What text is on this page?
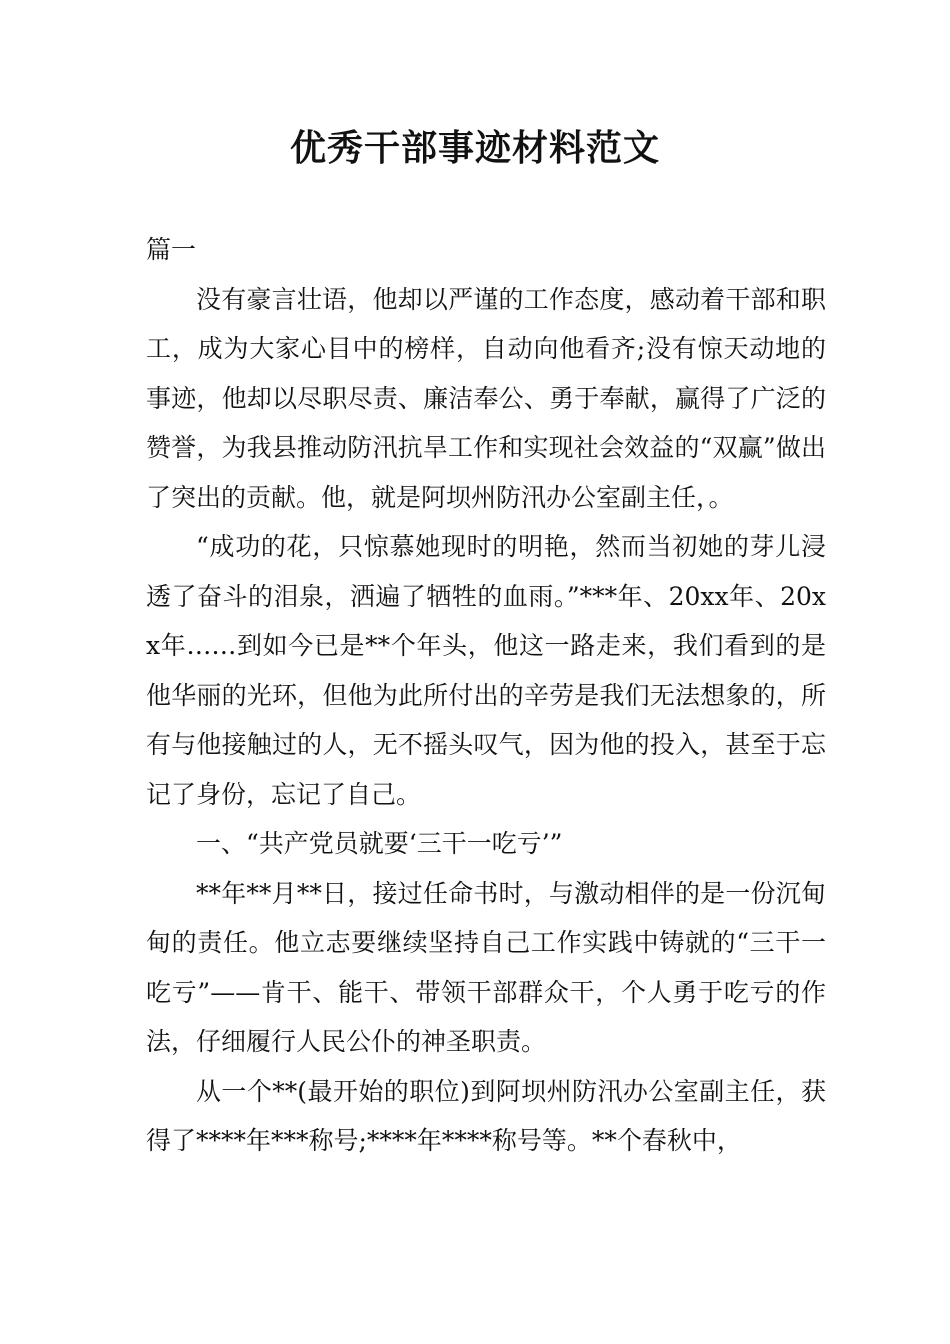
优秀干部事迹材料范文

篇一

没有豪言壮语，他却以严谨的工作态度，感动着干部和职工，成为大家心目中的榜样，自动向他看齐;没有惊天动地的事迹，他却以尽职尽责、廉洁奉公、勇于奉献，赢得了广泛的赞誉，为我县推动防汛抗旱工作和实现社会效益的“双赢”做出了突出的贡献。他，就是阿坝州防汛办公室副主任，。

“成功的花，只惊慕她现时的明艳，然而当初她的芽儿浸透了奋斗的泪泉，洒遍了牺牲的血雨。”***年、20xx年、20xx年……到如今已是**个年头，他这一路走来，我们看到的是他华丽的光环，但他为此所付出的辛劳是我们无法想象的，所有与他接触过的人，无不摇头叹气，因为他的投入，甚至于忘记了身份，忘记了自己。

一、“共产党员就要‘三干一吃亏’”

**年**月**日，接过任命书时，与激动相伴的是一份沉甸甸的责任。他立志要继续坚持自己工作实践中铸就的“三干一吃亏”——肯干、能干、带领干部群众干，个人勇于吃亏的作法，仔细履行人民公仆的神圣职责。

从一个**(最开始的职位)到阿坝州防汛办公室副主任，获得了****年***称号;****年****称号等。**个春秋中，
